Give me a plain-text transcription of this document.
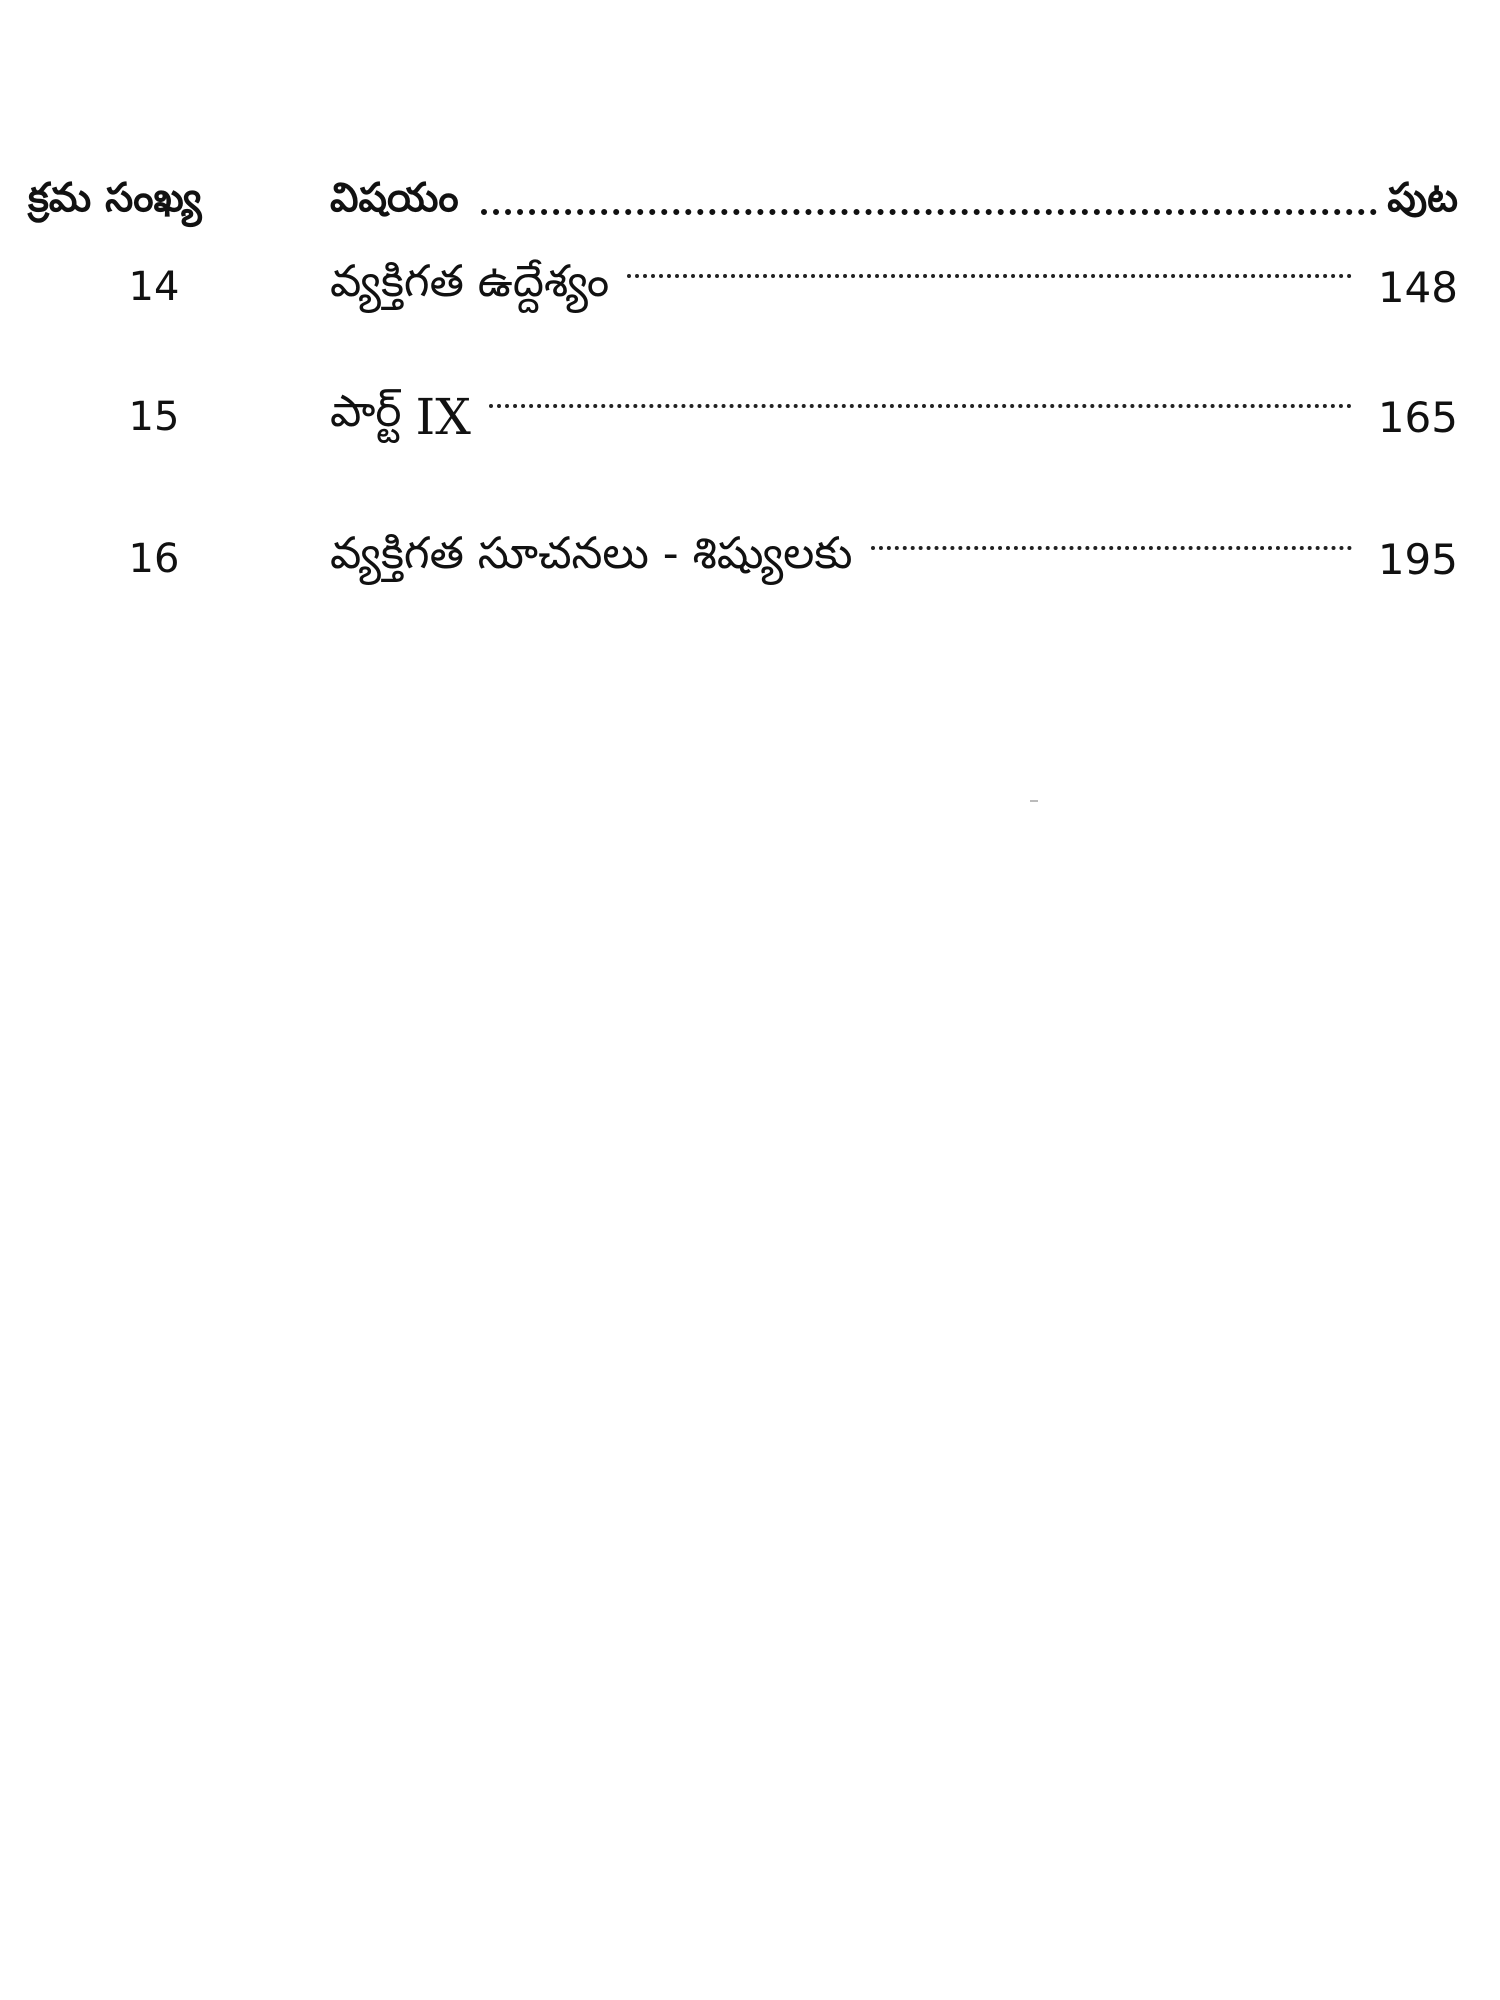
క్రమ సంఖ్య	విషయం	పుట
14	వ్యక్తిగత ఉద్దేశ్యం	148
15	పార్ట్ IX	165
16	వ్యక్తిగత సూచనలు - శిష్యులకు	195
